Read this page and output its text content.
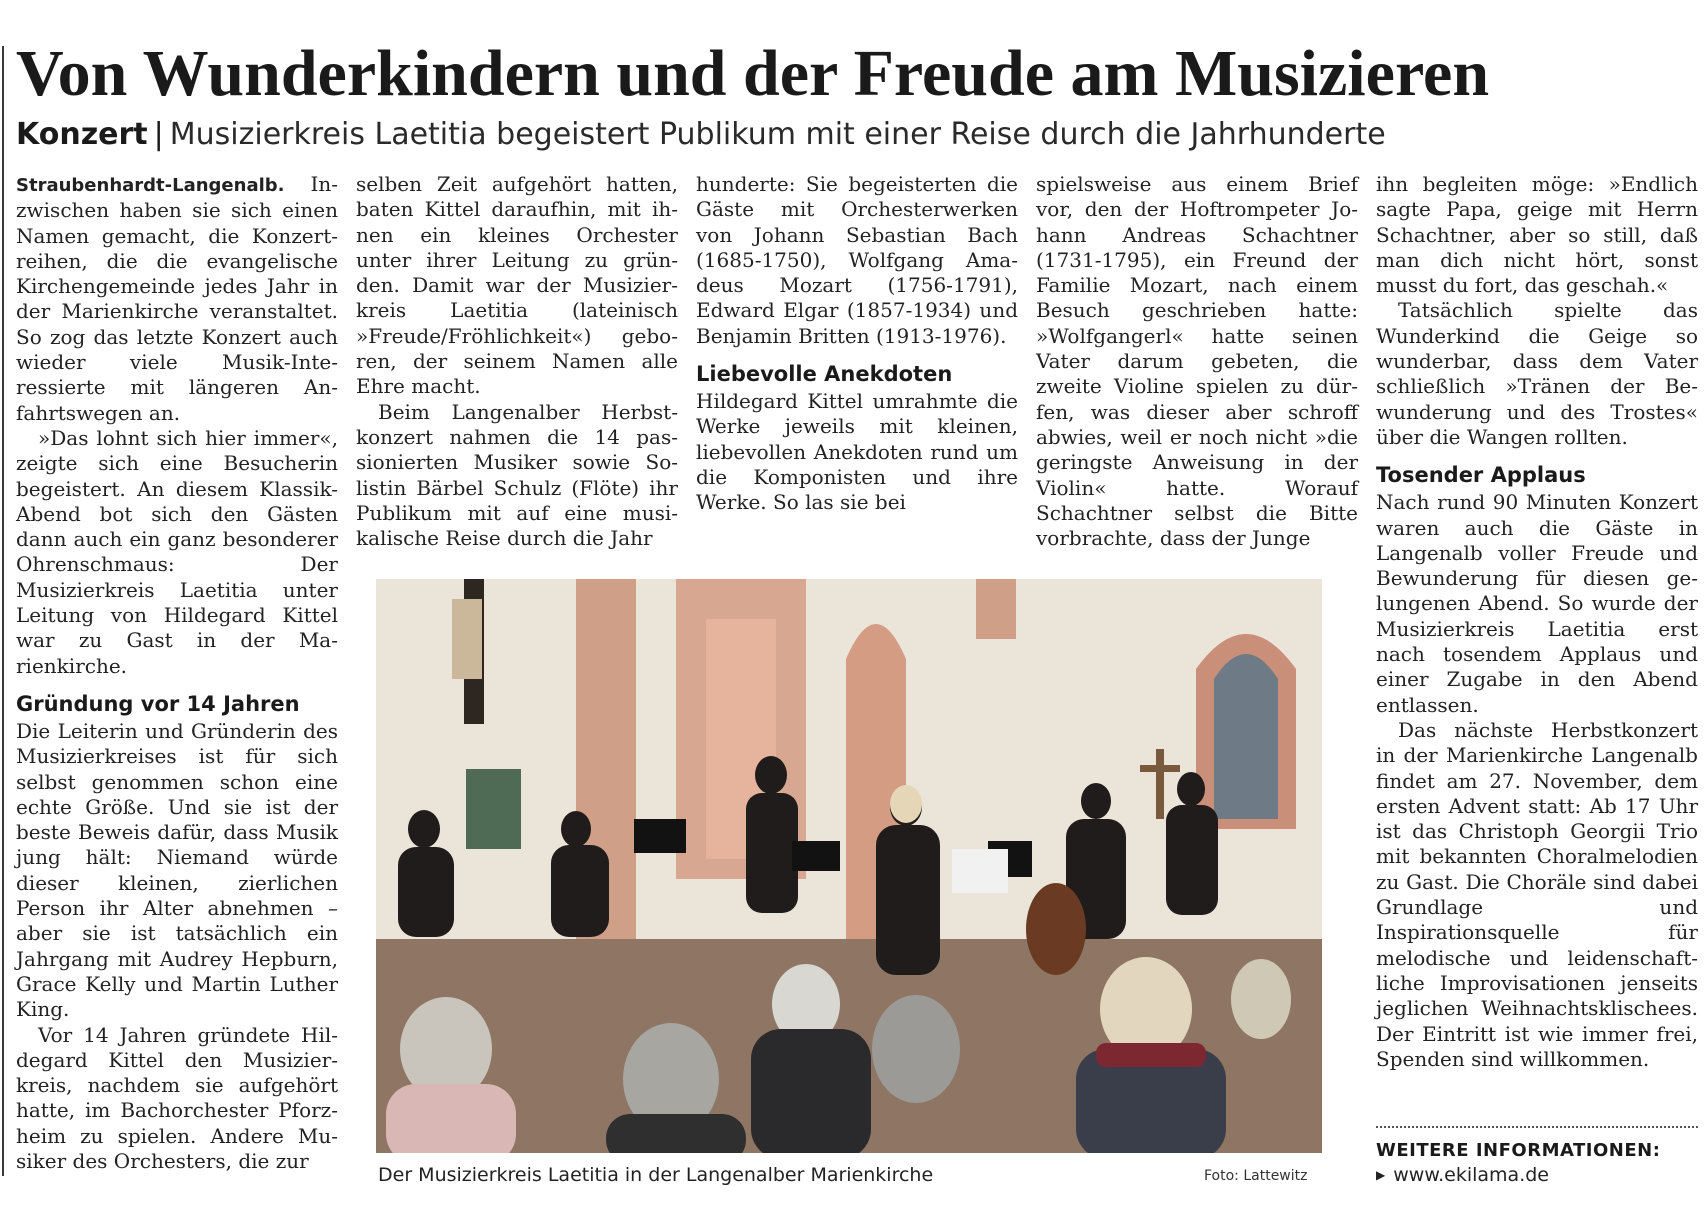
Von Wunderkindern und der Freude am Musizieren
Konzert | Musizierkreis Laetitia begeistert Publikum mit einer Reise durch die Jahrhunderte

Straubenhardt-Langenalb. Inzwischen haben sie sich einen Namen gemacht, die Konzertreihen, die die evangelische Kirchengemeinde jedes Jahr in der Marienkirche veranstaltet. So zog das letzte Konzert auch wieder viele Musik-Interessierte mit längeren Anfahrtswegen an.

»Das lohnt sich hier immer«, zeigte sich eine Besucherin begeistert. An diesem Klassik-Abend bot sich den Gästen dann auch ein ganz besonderer Ohrenschmaus: Der Musizierkreis Laetitia unter Leitung von Hildegard Kittel war zu Gast in der Marienkirche.

Gründung vor 14 Jahren

Die Leiterin und Gründerin des Musizierkreises ist für sich selbst genommen schon eine echte Größe. Und sie ist der beste Beweis dafür, dass Musik jung hält: Niemand würde dieser kleinen, zierlichen Person ihr Alter abnehmen – aber sie ist tatsächlich ein Jahrgang mit Audrey Hepburn, Grace Kelly und Martin Luther King.

Vor 14 Jahren gründete Hildegard Kittel den Musizierkreis, nachdem sie aufgehört hatte, im Bachorchester Pforzheim zu spielen. Andere Musiker des Orchesters, die zur

selben Zeit aufgehört hatten, baten Kittel daraufhin, mit ihnen ein kleines Orchester unter ihrer Leitung zu gründen. Damit war der Musizierkreis Laetitia (lateinisch »Freude/Fröhlichkeit«) geboren, der seinem Namen alle Ehre macht.

Beim Langenalber Herbstkonzert nahmen die 14 passionierten Musiker sowie Solistin Bärbel Schulz (Flöte) ihr Publikum mit auf eine musikalische Reise durch die Jahr

hunderte: Sie begeisterten die Gäste mit Orchesterwerken von Johann Sebastian Bach (1685-1750), Wolfgang Amadeus Mozart (1756-1791), Edward Elgar (1857-1934) und Benjamin Britten (1913-1976).

Liebevolle Anekdoten

Hildegard Kittel umrahmte die Werke jeweils mit kleinen, liebevollen Anekdoten rund um die Komponisten und ihre Werke. So las sie bei

spielsweise aus einem Brief vor, den der Hoftrompeter Johann Andreas Schachtner (1731-1795), ein Freund der Familie Mozart, nach einem Besuch geschrieben hatte: »Wolfgangerl« hatte seinen Vater darum gebeten, die zweite Violine spielen zu dürfen, was dieser aber schroff abwies, weil er noch nicht »die geringste Anweisung in der Violin« hatte. Worauf Schachtner selbst die Bitte vorbrachte, dass der Junge

ihn begleiten möge: »Endlich sagte Papa, geige mit Herrn Schachtner, aber so still, daß man dich nicht hört, sonst musst du fort, das geschah.«

Tatsächlich spielte das Wunderkind die Geige so wunderbar, dass dem Vater schließlich »Tränen der Bewunderung und des Trostes« über die Wangen rollten.

Tosender Applaus

Nach rund 90 Minuten Konzert waren auch die Gäste in Langenalb voller Freude und Bewunderung für diesen gelungenen Abend. So wurde der Musizierkreis Laetitia erst nach tosendem Applaus und einer Zugabe in den Abend entlassen.

Das nächste Herbstkonzert in der Marienkirche Langenalb findet am 27. November, dem ersten Advent statt: Ab 17 Uhr ist das Christoph Georgii Trio mit bekannten Choralmelodien zu Gast. Die Choräle sind dabei Grundlage und Inspirationsquelle für melodische und leidenschaftliche Improvisationen jenseits jeglichen Weihnachtsklischees. Der Eintritt ist wie immer frei, Spenden sind willkommen.

Der Musizierkreis Laetitia in der Langenalber Marienkirche	Foto: Lattewitz
WEITERE INFORMATIONEN:
▶ www.ekilama.de
